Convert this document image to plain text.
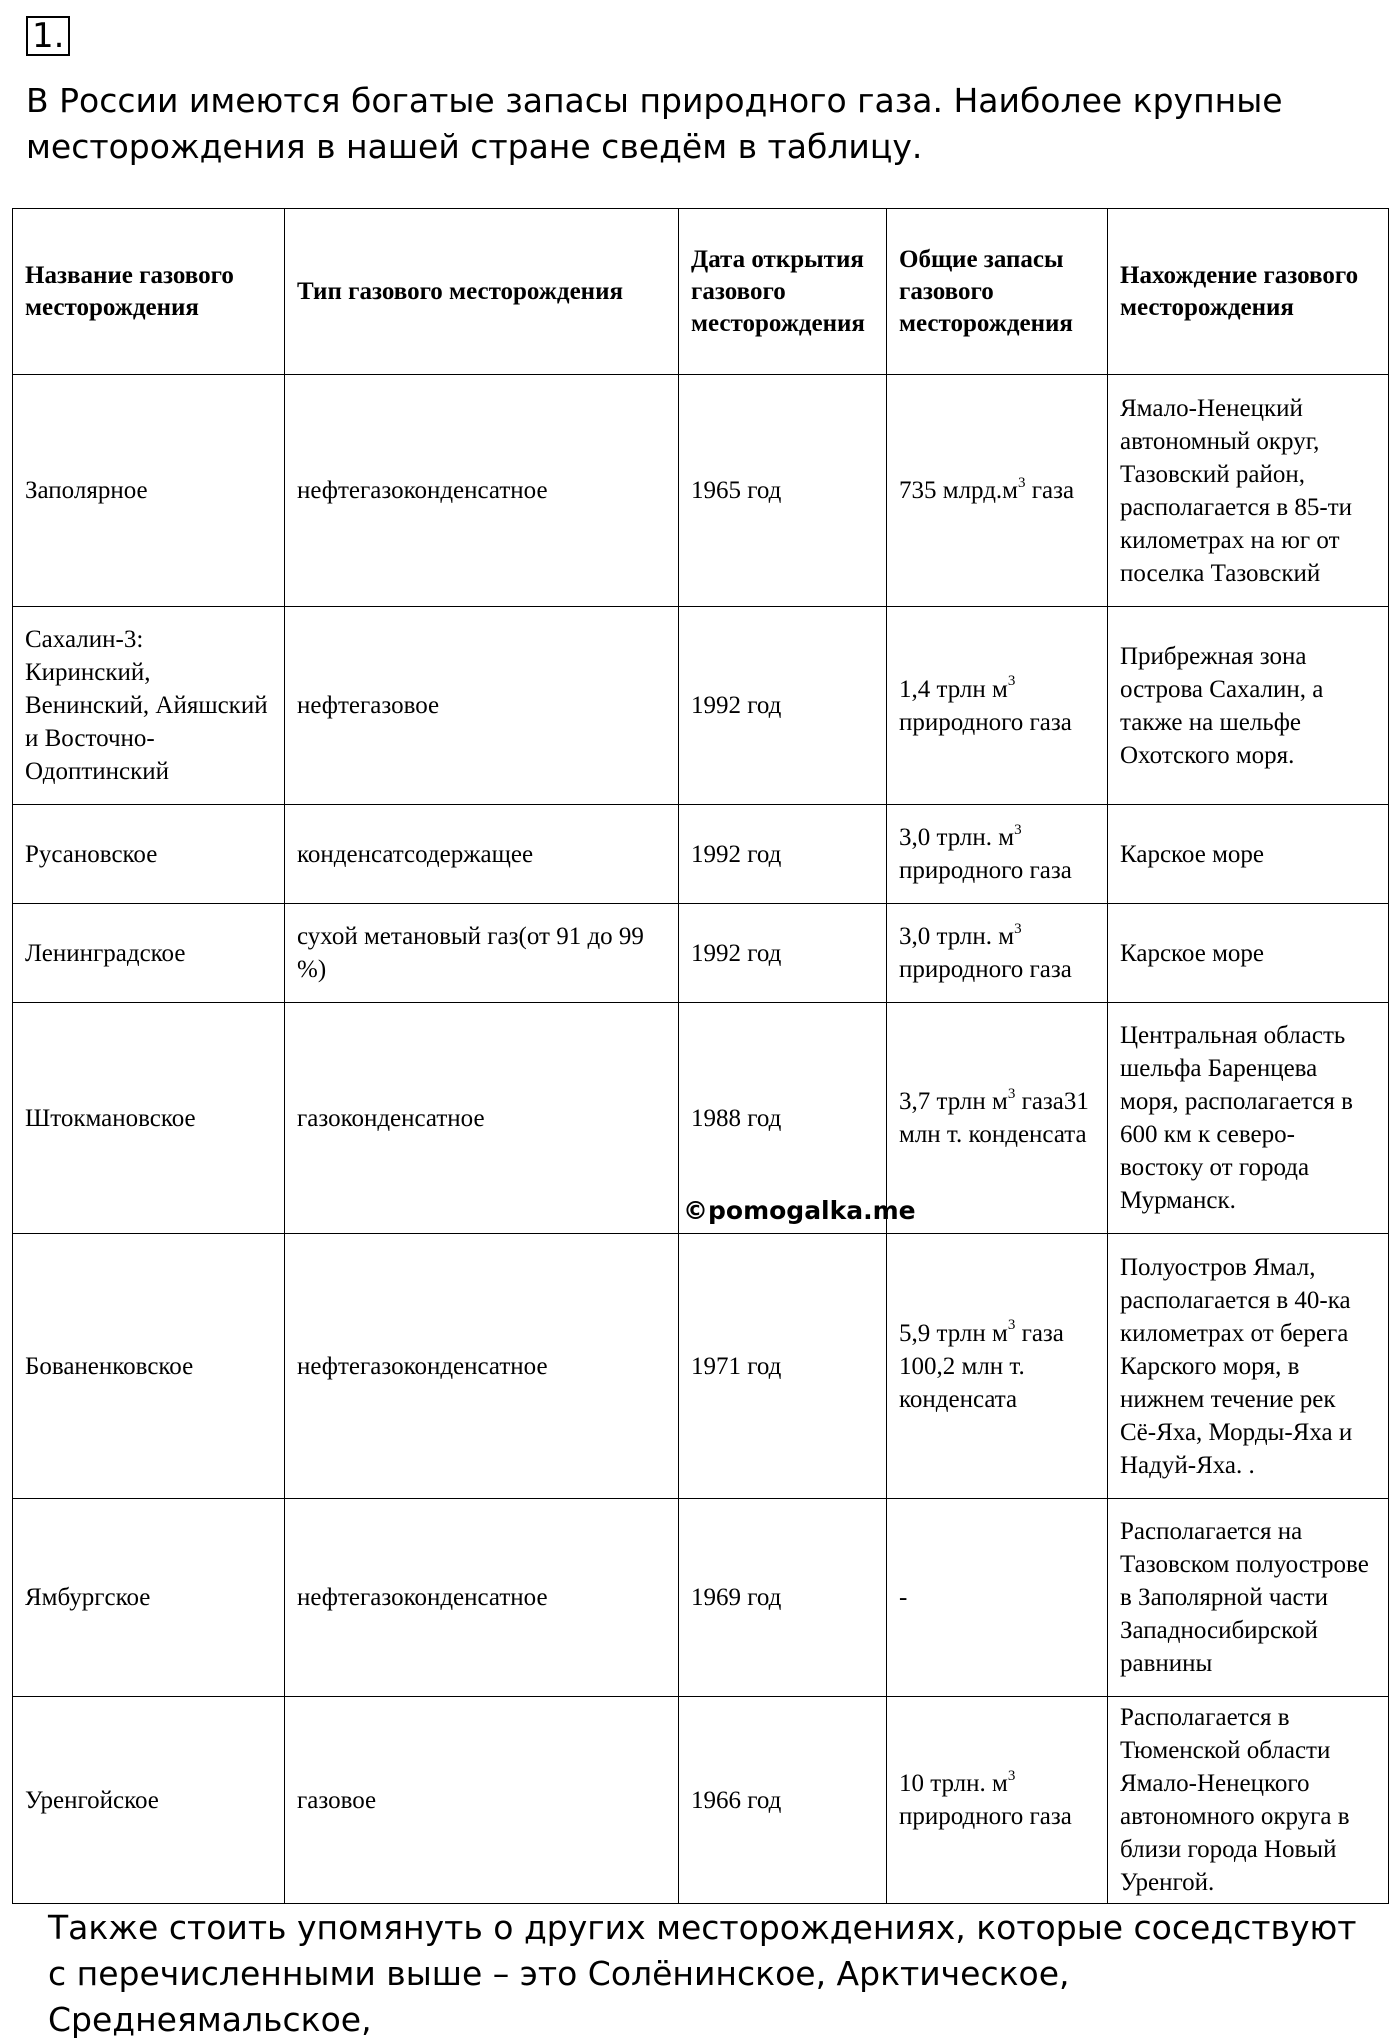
1.

В России имеются богатые запасы природного газа. Наиболее крупные месторождения в нашей стране сведём в таблицу.

Название газового месторождения	Тип газового месторождения	Дата открытия газового месторождения	Общие запасы газового месторождения	Нахождение газового месторождения
Заполярное	нефтегазоконденсатное	1965 год	735 $млрд.м^3$ газа	Ямало-Ненецкий автономный округ, Тазовский район, располагается в 85-ти километрах на юг от поселка Тазовский
Сахалин-3: Киринский, Венинский, Айяшский и Восточно-Одоптинский	нефтегазовое	1992 год	1,4 трлн $м^3$ природного газа	Прибрежная зона острова Сахалин, а также на шельфе Охотского моря.
Русановское	конденсатсодержащее	1992 год	3,0 трлн. $м^3$ природного газа	Карское море
Ленинградское	сухой метановый газ(от 91 до 99 %)	1992 год	3,0 трлн. $м^3$ природного газа	Карское море
Штокмановское	газоконденсатное	1988 год	3,7 трлн $м^3$ газа31 млн т. конденсата	Центральная область шельфа Баренцева моря, располагается в 600 км к северо-востоку от города Мурманск.
Бованенковское	нефтегазоконденсатное	1971 год	5,9 трлн $м^3$ газа 100,2 млн т. конденсата	Полуостров Ямал, располагается в 40-ка километрах от берега Карского моря, в нижнем течение рек Сё-Яха, Морды-Яха и Надуй-Яха. .
Ямбургское	нефтегазоконденсатное	1969 год	-	Располагается на Тазовском полуострове в Заполярной части Западносибирской равнины
Уренгойское	газовое	1966 год	10 трлн. $м^3$ природного газа	Располагается в Тюменской области Ямало-Ненецкого автономного округа в близи города Новый Уренгой.
©pomogalka.me

Также стоить упомянуть о других месторождениях, которые соседствуют с перечисленными выше – это Солёнинское, Арктическое, Среднеямальское,
